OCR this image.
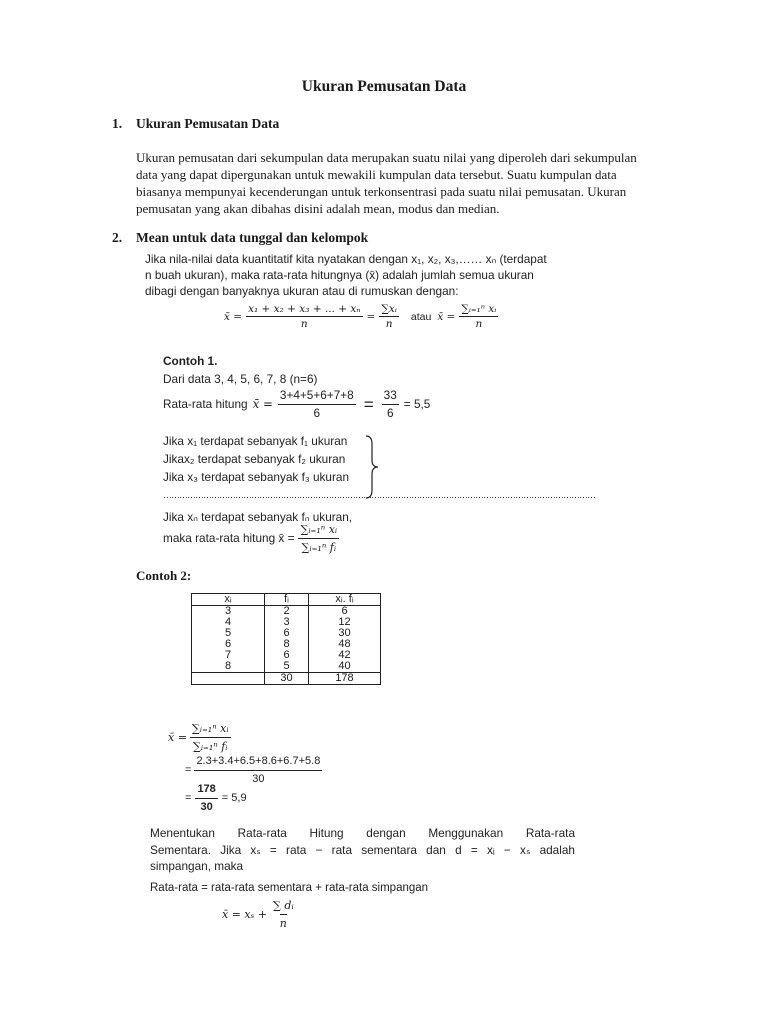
Ukuran Pemusatan Data
1. Ukuran Pemusatan Data
Ukuran pemusatan dari sekumpulan data merupakan suatu nilai yang diperoleh dari sekumpulan
data yang dapat dipergunakan untuk mewakili kumpulan data tersebut. Suatu kumpulan data
biasanya mempunyai kecenderungan untuk terkonsentrasi pada suatu nilai pemusatan. Ukuran
pemusatan yang akan dibahas disini adalah mean, modus dan median.
2. Mean untuk data tunggal dan kelompok
Jika nila-nilai data kuantitatif kita nyatakan dengan x₁, x₂, x₃,…… xₙ (terdapat
n buah ukuran), maka rata-rata hitungnya (x̄) adalah jumlah semua ukuran
dibagi dengan banyaknya ukuran atau di rumuskan dengan:
x̄ = $\frac{\text{x₁ + x₂ + x₃ + ... + xₙ}}{n} = \frac{\text{∑xᵢ}}{n}$ atau x̄ = $\frac{\text{∑ᵢ₌₁ⁿ xᵢ}}{n}$
Contoh 1.
Dari data 3, 4, 5, 6, 7, 8 (n=6)
Rata-rata hitung x̄ = $\frac{3+4+5+6+7+8}{6} = \frac{33}{6} = 5,5$
Jika x₁ terdapat sebanyak f₁ ukuran
Jikax₂ terdapat sebanyak f₂ ukuran
Jika x₃ terdapat sebanyak f₃ ukuran
………………………………………………………………………………………………………………………………………………
Jika xₙ terdapat sebanyak fₙ ukuran,
maka rata-rata hitung x̄ = $\frac{\text{∑ᵢ₌₁ⁿ xᵢ}}{\text{∑ᵢ₌₁ⁿ fᵢ}}$
Contoh 2:
xᵢ	fᵢ	xᵢ. fᵢ
3	2	6
4	3	12
5	6	30
6	8	48
7	6	42
8	5	40
	30	178
x̄ = $\frac{\text{∑ᵢ₌₁ⁿ xᵢ}}{\text{∑ᵢ₌₁ⁿ fᵢ}}$
= $\frac{2.3+3.4+6.5+8.6+6.7+5.8}{30}$
= $\frac{178}{30} = 5,9$
Menentukan Rata-rata Hitung dengan Menggunakan Rata-rata
Sementara. Jika xₛ = rata − rata sementara dan d = xᵢ − xₛ adalah
simpangan, maka
Rata-rata = rata-rata sementara + rata-rata simpangan
x̄ = $x_s + \frac{\text{∑ dᵢ}}{n}$
